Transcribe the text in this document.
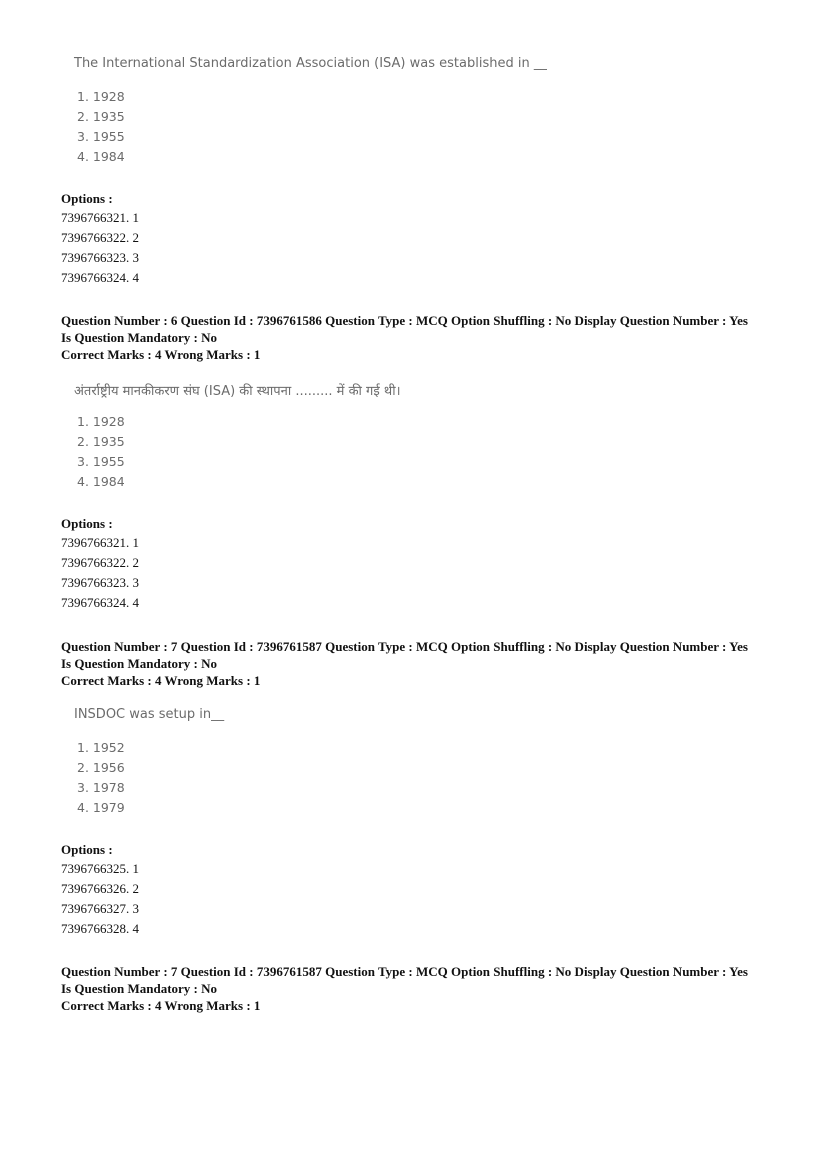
The International Standardization Association (ISA) was established in __
1. 1928
2. 1935
3. 1955
4. 1984
Options :
7396766321. 1
7396766322. 2
7396766323. 3
7396766324. 4
Question Number : 6 Question Id : 7396761586 Question Type : MCQ Option Shuffling : No Display Question Number : Yes
Is Question Mandatory : No
Correct Marks : 4 Wrong Marks : 1
अंतर्राष्ट्रीय मानकीकरण संघ (ISA) की स्थापना ......... में की गई थी।
1. 1928
2. 1935
3. 1955
4. 1984
Options :
7396766321. 1
7396766322. 2
7396766323. 3
7396766324. 4
Question Number : 7 Question Id : 7396761587 Question Type : MCQ Option Shuffling : No Display Question Number : Yes
Is Question Mandatory : No
Correct Marks : 4 Wrong Marks : 1
INSDOC was setup in__
1. 1952
2. 1956
3. 1978
4. 1979
Options :
7396766325. 1
7396766326. 2
7396766327. 3
7396766328. 4
Question Number : 7 Question Id : 7396761587 Question Type : MCQ Option Shuffling : No Display Question Number : Yes
Is Question Mandatory : No
Correct Marks : 4 Wrong Marks : 1
